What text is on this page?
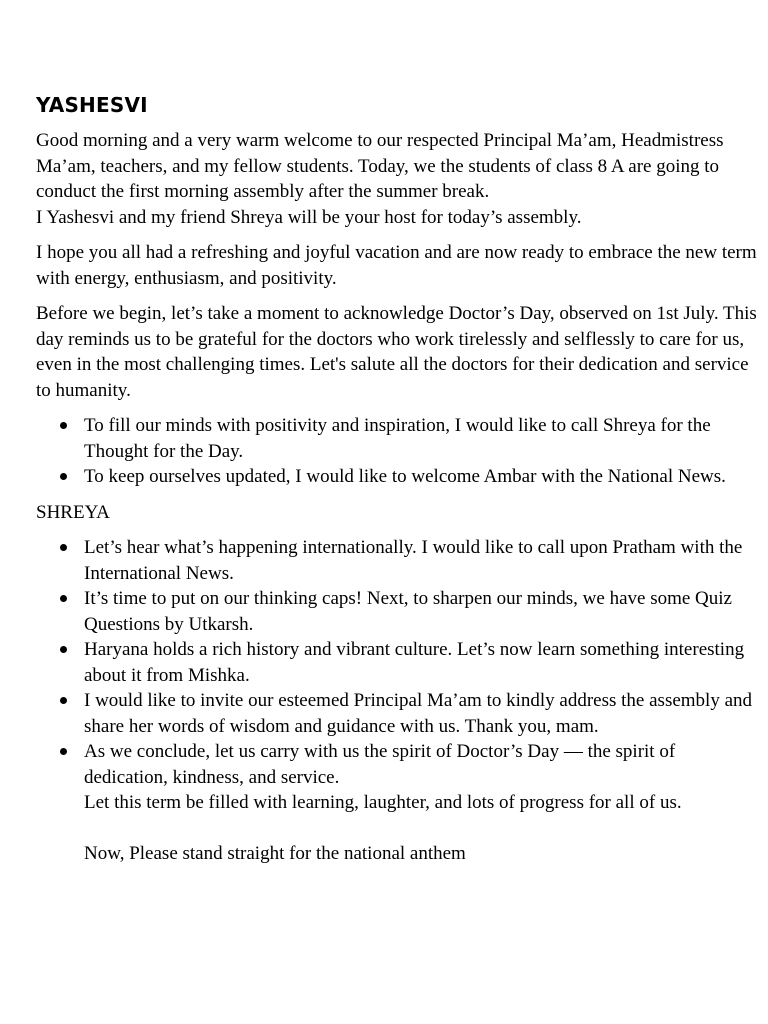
YASHESVI
Good morning and a very warm welcome to our respected Principal Ma’am, Headmistress Ma’am, teachers, and my fellow students. Today, we the students of class 8 A are going to conduct the first morning assembly after the summer break.
I Yashesvi and my friend Shreya will be your host for today’s assembly.
I hope you all had a refreshing and joyful vacation and are now ready to embrace the new term with energy, enthusiasm, and positivity.
Before we begin, let’s take a moment to acknowledge Doctor’s Day, observed on 1st July. This day reminds us to be grateful for the doctors who work tirelessly and selflessly to care for us, even in the most challenging times. Let's salute all the doctors for their dedication and service to humanity.
To fill our minds with positivity and inspiration, I would like to call Shreya for the Thought for the Day.
To keep ourselves updated, I would like to welcome Ambar with the National News.
SHREYA
Let’s hear what’s happening internationally. I would like to call upon Pratham with the International News.
It’s time to put on our thinking caps! Next, to sharpen our minds, we have some Quiz Questions by Utkarsh.
Haryana holds a rich history and vibrant culture. Let’s now learn something interesting about it from Mishka.
I would like to invite our esteemed Principal Ma’am to kindly address the assembly and share her words of wisdom and guidance with us. Thank you, mam.
As we conclude, let us carry with us the spirit of Doctor’s Day — the spirit of dedication, kindness, and service.
Let this term be filled with learning, laughter, and lots of progress for all of us.
Now, Please stand straight for the national anthem
